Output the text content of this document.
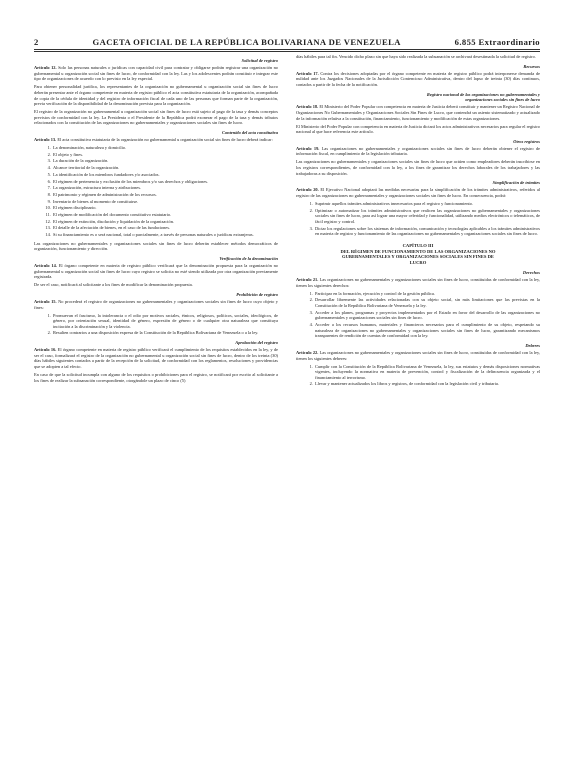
2	GACETA OFICIAL DE LA REPÚBLICA BOLIVARIANA DE VENEZUELA	6.855 Extraordinario
Solicitud de registro

Artículo 12. Solo las personas naturales o jurídicas con capacidad civil para contratar y obligarse podrán registrar una organización no gubernamental u organización social sin fines de lucro, de conformidad con la ley. Las y los adolescentes podrán constituir e integrar este tipo de organizaciones de acuerdo con lo previsto en la ley especial.

Para obtener personalidad jurídica, los representantes de la organización no gubernamental u organización social sin fines de lucro deberán presentar ante el órgano competente en materia de registro público el acta constitutiva estatutaria de la organización, acompañada de copia de la cédula de identidad y del registro de información fiscal de cada uno de las personas que forman parte de la organización, previa verificación de la disponibilidad de la denominación prevista para la organización.

El registro de la organización no gubernamental u organización social sin fines de lucro está sujeto al pago de la tasa y demás conceptos previstos de conformidad con la ley. La Presidenta o el Presidente de la República podrá exonerar el pago de la tasa y demás tributos relacionados con la constitución de las organizaciones no gubernamentales y organizaciones sociales sin fines de lucro.

Contenido del acta constitutiva

Artículo 13. El acta constitutiva estatutaria de la organización no gubernamental u organización social sin fines de lucro deberá indicar:

1. La denominación, naturaleza y domicilio.
2. El objeto y fines.
3. La duración de la organización.
4. Alcance territorial de la organización.
5. La identificación de los miembros fundadores y/o asociados.
6. El régimen de pertenencia y exclusión de los miembros y/o sus derechos y obligaciones.
7. La organización, estructura interna y atribuciones.
8. El patrimonio y régimen de administración de los recursos.
9. Inventario de bienes al momento de constituirse.
10. El régimen disciplinario.
11. El régimen de modificación del documento constitutivo estatutario.
12. El régimen de extinción, disolución y liquidación de la organización.
13. El detalle de la afectación de bienes, en el caso de las fundaciones.
14. Si su financiamiento es o será nacional, total o parcialmente, a través de personas naturales o jurídicas extranjeras.

Las organizaciones no gubernamentales y organizaciones sociales sin fines de lucro deberán establecer métodos democráticos de organización, funcionamiento y dirección.

Verificación de la denominación

Artículo 14. El órgano competente en materia de registro público verificará que la denominación propuesta para la organización no gubernamental u organización social sin fines de lucro cuyo registro se solicita no esté siendo utilizada por otra organización previamente registrada.

De ser el caso, notificará al solicitante a los fines de modificar la denominación propuesta.

Prohibición de registro

Artículo 15. No procederá el registro de organizaciones no gubernamentales y organizaciones sociales sin fines de lucro cuyo objeto y fines:

1. Promuevan el fascismo, la intolerancia o el odio por motivos raciales, étnicos, religiosos, políticos, sociales, ideológicos, de género, por orientación sexual, identidad de género, expresión de género o de cualquier otra naturaleza que constituya incitación a la discriminación y la violencia.
2. Resulten contrarios a una disposición expresa de la Constitución de la República Bolivariana de Venezuela o a la ley.
Aprobación del registro

Artículo 16. El órgano competente en materia de registro público verificará el cumplimiento de los requisitos establecidos en la ley, y de ser el caso, formalizará el registro de la organización no gubernamental u organización social sin fines de lucro, dentro de los treinta (30) días hábiles siguientes contados a partir de la recepción de la solicitud, de conformidad con los reglamentos, resoluciones y providencias que se adopten a tal efecto.

En caso de que la solicitud incumpla con alguno de los requisitos o prohibiciones para el registro, se notificará por escrito al solicitante a los fines de realizar la subsanación correspondiente, otorgándole un plazo de cinco (5)

días hábiles para tal fin. Vencido dicho plazo sin que haya sido realizada la subsanación se archivará desestimada la solicitud de registro.

Recursos

Artículo 17. Contra los decisiones adoptadas por el órgano competente en materia de registro público podrá interponerse demanda de nulidad ante los Juzgados Nacionales de la Jurisdicción Contencioso Administrativa, dentro del lapso de treinta (30) días continuos, contados a partir de la fecha de la notificación.

Registro nacional de las organizaciones no gubernamentales y
organizaciones sociales sin fines de lucro

Artículo 18. El Ministerio del Poder Popular con competencia en materia de Justicia deberá constituir y mantener un Registro Nacional de Organizaciones No Gubernamentales y Organizaciones Sociales Sin Fines de Lucro, que contendrá un asiento sistematizado y actualizado de la información relativa a la constitución, financiamiento, funcionamiento y modificación de estas organizaciones.

El Ministerio del Poder Popular con competencia en materia de Justicia dictará los actos administrativos necesarios para regular el registro nacional al que hace referencia este artículo.

Otros registros

Artículo 19. Las organizaciones no gubernamentales y organizaciones sociales sin fines de lucro deberán obtener el registro de información fiscal, en cumplimiento de la legislación tributaria.

Las organizaciones no gubernamentales y organizaciones sociales sin fines de lucro que actúen como empleadores deberán inscribirse en los registros correspondientes, de conformidad con la ley, a los fines de garantizar los derechos laborales de los trabajadores y las trabajadoras a su disposición.

Simplificación de trámites

Artículo 20. El Ejecutivo Nacional adoptará las medidas necesarias para la simplificación de los trámites administrativos, referidos al registro de las organizaciones no gubernamentales y organizaciones sociales sin fines de lucro. En consecuencia, podrá:

1. Suprimir aquellos trámites administrativos innecesarios para el registro y funcionamiento.
2. Optimizar o automatizar los trámites administrativos que realicen las organizaciones no gubernamentales y organizaciones sociales sin fines de lucro, para así lograr una mayor celeridad y funcionalidad, utilizando medios electrónicos o telemáticos, de fácil registro y control.
3. Dictar los regulaciones sobre los sistemas de información, comunicación y tecnologías aplicables a los trámites administrativos en materia de registro y funcionamiento de las organizaciones no gubernamentales y organizaciones sociales sin fines de lucro.
CAPÍTULO III
DEL RÉGIMEN DE FUNCIONAMIENTO DE LAS ORGANIZACIONES NO
GUBERNAMENTALES Y ORGANIZACIONES SOCIALES SIN FINES DE
LUCRO
Derechos

Artículo 21. Las organizaciones no gubernamentales y organizaciones sociales sin fines de lucro, constituidas de conformidad con la ley, tienen los siguientes derechos:

1. Participar en la formación, ejecución y control de la gestión pública.
2. Desarrollar libremente las actividades relacionadas con su objeto social, sin más limitaciones que las previstas en la Constitución de la República Bolivariana de Venezuela y la ley.
3. Acceder a los planes, programas y proyectos implementados por el Estado en favor del desarrollo de las organizaciones no gubernamentales y organizaciones sociales sin fines de lucro.
4. Acceder a los recursos humanos, materiales y financieros necesarios para el cumplimiento de su objeto, respetando su naturaleza de organizaciones no gubernamentales y organizaciones sociales sin fines de lucro, garantizando mecanismos transparentes de rendición de cuentas de conformidad con la ley.
Deberes

Artículo 22. Las organizaciones no gubernamentales y organizaciones sociales sin fines de lucro, constituidas de conformidad con la ley, tienen los siguientes deberes:

1. Cumplir con la Constitución de la República Bolivariana de Venezuela, la ley, sus estatutos y demás disposiciones normativas vigentes, incluyendo la normativa en materia de prevención, control y fiscalización de la delincuencia organizada y el financiamiento al terrorismo.
2. Llevar y mantener actualizados los libros y registros, de conformidad con la legislación civil y tributaria.
